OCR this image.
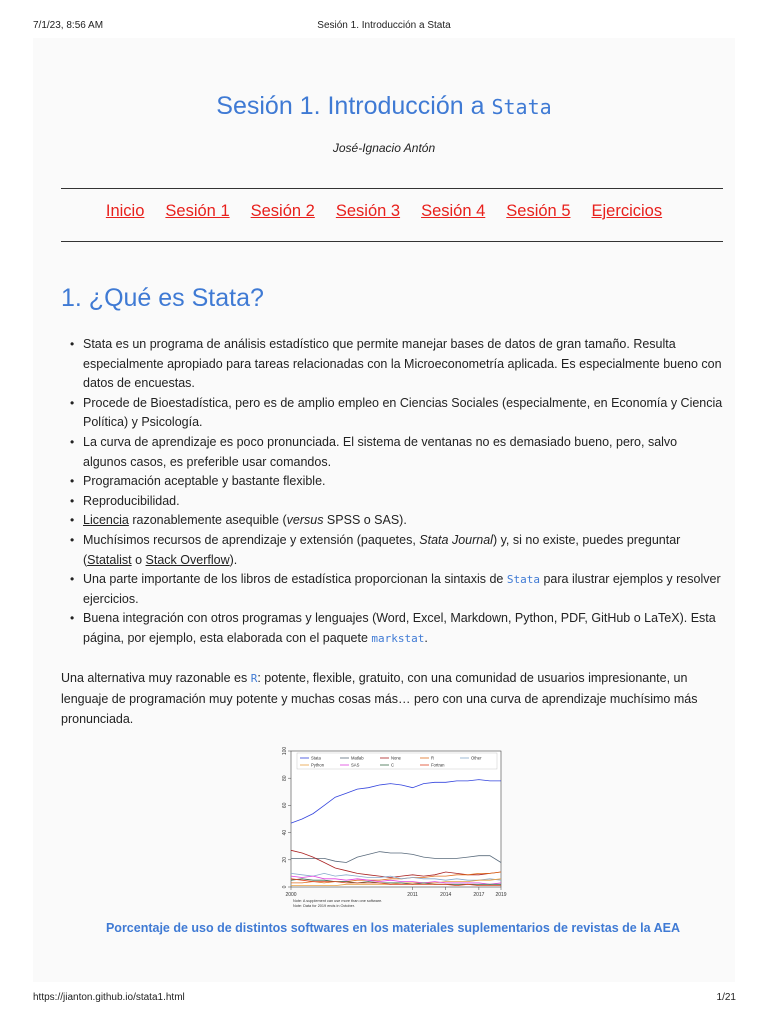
7/1/23, 8:56 AM	Sesión 1. Introducción a Stata
Sesión 1. Introducción a Stata
José-Ignacio Antón
Inicio Sesión 1 Sesión 2 Sesión 3 Sesión 4 Sesión 5 Ejercicios
1. ¿Qué es Stata?
• Stata es un programa de análisis estadístico que permite manejar bases de datos de gran tamaño. Resulta especialmente apropiado para tareas relacionadas con la Microeconometría aplicada. Es especialmente bueno con datos de encuestas.
• Procede de Bioestadística, pero es de amplio empleo en Ciencias Sociales (especialmente, en Economía y Ciencia Política) y Psicología.
• La curva de aprendizaje es poco pronunciada. El sistema de ventanas no es demasiado bueno, pero, salvo algunos casos, es preferible usar comandos.
• Programación aceptable y bastante flexible.
• Reproducibilidad.
• Licencia razonablemente asequible (versus SPSS o SAS).
• Muchísimos recursos de aprendizaje y extensión (paquetes, Stata Journal) y, si no existe, puedes preguntar (Statalist o Stack Overflow).
• Una parte importante de los libros de estadística proporcionan la sintaxis de Stata para ilustrar ejemplos y resolver ejercicios.
• Buena integración con otros programas y lenguajes (Word, Excel, Markdown, Python, PDF, GitHub o LaTeX). Esta página, por ejemplo, esta elaborada con el paquete markstat.

Una alternativa muy razonable es R: potente, flexible, gratuito, con una comunidad de usuarios impresionante, un lenguaje de programación muy potente y muchas cosas más… pero con una curva de aprendizaje muchísimo más pronunciada.

0
20
40
60
80
100
2000	2011	2014	2017 2019
Stata	Matlab	None	R	Other
Python	SAS	C	Fortran
Note: A supplement can use more than one software.
Note: Data for 2019 ends in October.

Porcentaje de uso de distintos softwares en los materiales suplementarios de revistas de la AEA

https://jianton.github.io/stata1.html	1/21
